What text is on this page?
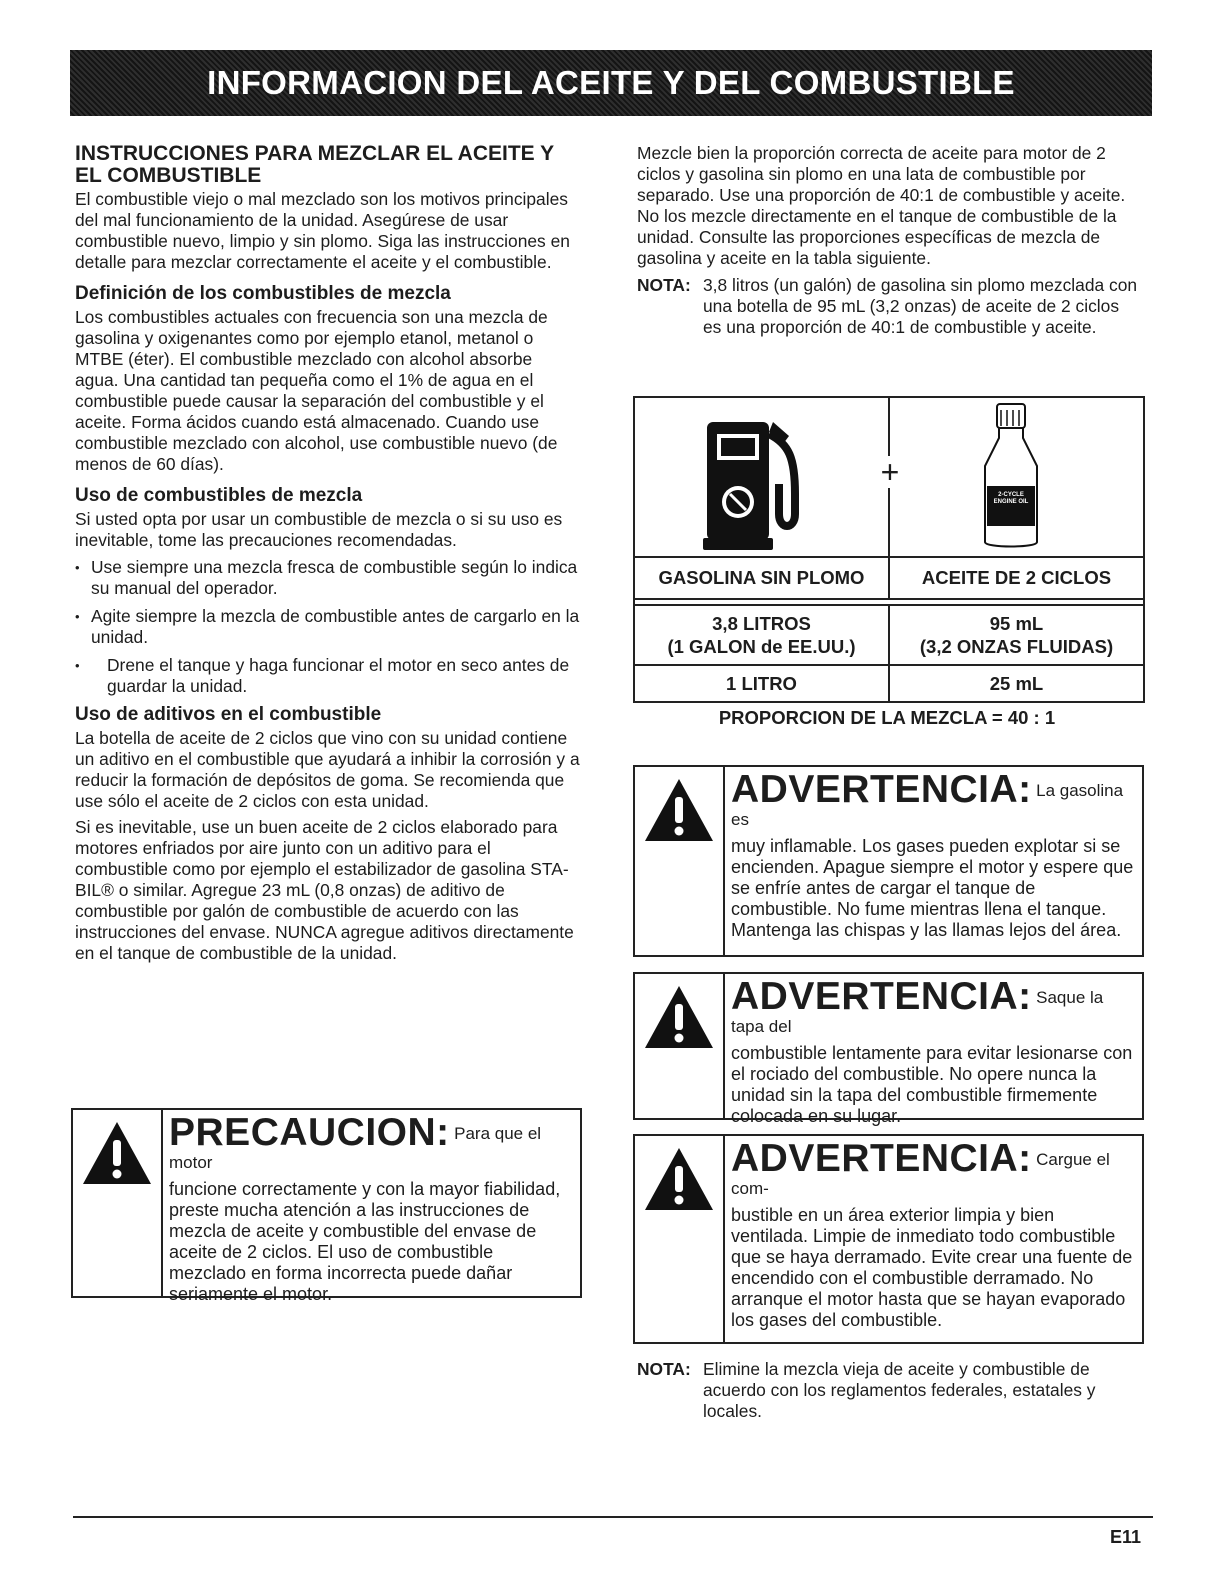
INFORMACION DEL ACEITE Y DEL COMBUSTIBLE
INSTRUCCIONES PARA MEZCLAR EL ACEITE Y EL COMBUSTIBLE

El combustible viejo o mal mezclado son los motivos principales del mal funcionamiento de la unidad. Asegúrese de usar combustible nuevo, limpio y sin plomo. Siga las instrucciones en detalle para mezclar correctamente el aceite y el combustible.

Definición de los combustibles de mezcla

Los combustibles actuales con frecuencia son una mezcla de gasolina y oxigenantes como por ejemplo etanol, metanol o MTBE (éter). El combustible mezclado con alcohol absorbe agua. Una cantidad tan pequeña como el 1% de agua en el combustible puede causar la separación del combustible y el aceite. Forma ácidos cuando está almacenado. Cuando use combustible mezclado con alcohol, use combustible nuevo (de menos de 60 días).

Uso de combustibles de mezcla

Si usted opta por usar un combustible de mezcla o si su uso es inevitable, tome las precauciones recomendadas.

• Use siempre una mezcla fresca de combustible según lo indica su manual del operador.
• Agite siempre la mezcla de combustible antes de cargarlo en la unidad.
• Drene el tanque y haga funcionar el motor en seco antes de guardar la unidad.
Uso de aditivos en el combustible

La botella de aceite de 2 ciclos que vino con su unidad contiene un aditivo en el combustible que ayudará a inhibir la corrosión y a reducir la formación de depósitos de goma. Se recomienda que use sólo el aceite de 2 ciclos con esta unidad.

Si es inevitable, use un buen aceite de 2 ciclos elaborado para motores enfriados por aire junto con un aditivo para el combustible como por ejemplo el estabilizador de gasolina STA-BIL® o similar. Agregue 23 mL (0,8 onzas) de aditivo de combustible por galón de combustible de acuerdo con las instrucciones del envase. NUNCA agregue aditivos directamente en el tanque de combustible de la unidad.

PRECAUCION: Para que el motor

funcione correctamente y con la mayor fiabilidad, preste mucha atención a las instrucciones de mezcla de aceite y combustible del envase de aceite de 2 ciclos. El uso de combustible mezclado en forma incorrecta puede dañar seriamente el motor.

Mezcle bien la proporción correcta de aceite para motor de 2 ciclos y gasolina sin plomo en una lata de combustible por separado. Use una proporción de 40:1 de combustible y aceite. No los mezcle directamente en el tanque de combustible de la unidad. Consulte las proporciones específicas de mezcla de gasolina y aceite en la tabla siguiente.

NOTA: 3,8 litros (un galón) de gasolina sin plomo mezclada con una botella de 95 mL (3,2 onzas) de aceite de 2 ciclos es una proporción de 40:1 de combustible y aceite.
+
2-CYCLE ENGINE OIL
GASOLINA SIN PLOMO	ACEITE DE 2 CICLOS
3,8 LITROS
(1 GALON de EE.UU.)
95 mL
(3,2 ONZAS FLUIDAS)
1 LITRO	25 mL
PROPORCION DE LA MEZCLA = 40 : 1
ADVERTENCIA: La gasolina es

muy inflamable. Los gases pueden explotar si se encienden. Apague siempre el motor y espere que se enfríe antes de cargar el tanque de combustible. No fume mientras llena el tanque. Mantenga las chispas y las llamas lejos del área.

ADVERTENCIA: Saque la tapa del

combustible lentamente para evitar lesionarse con el rociado del combustible. No opere nunca la unidad sin la tapa del combustible firmemente colocada en su lugar.

ADVERTENCIA: Cargue el com-

bustible en un área exterior limpia y bien ventilada. Limpie de inmediato todo combustible que se haya derramado. Evite crear una fuente de encendido con el combustible derramado. No arranque el motor hasta que se hayan evaporado los gases del combustible.

NOTA: Elimine la mezcla vieja de aceite y combustible de acuerdo con los reglamentos federales, estatales y locales.
E11
